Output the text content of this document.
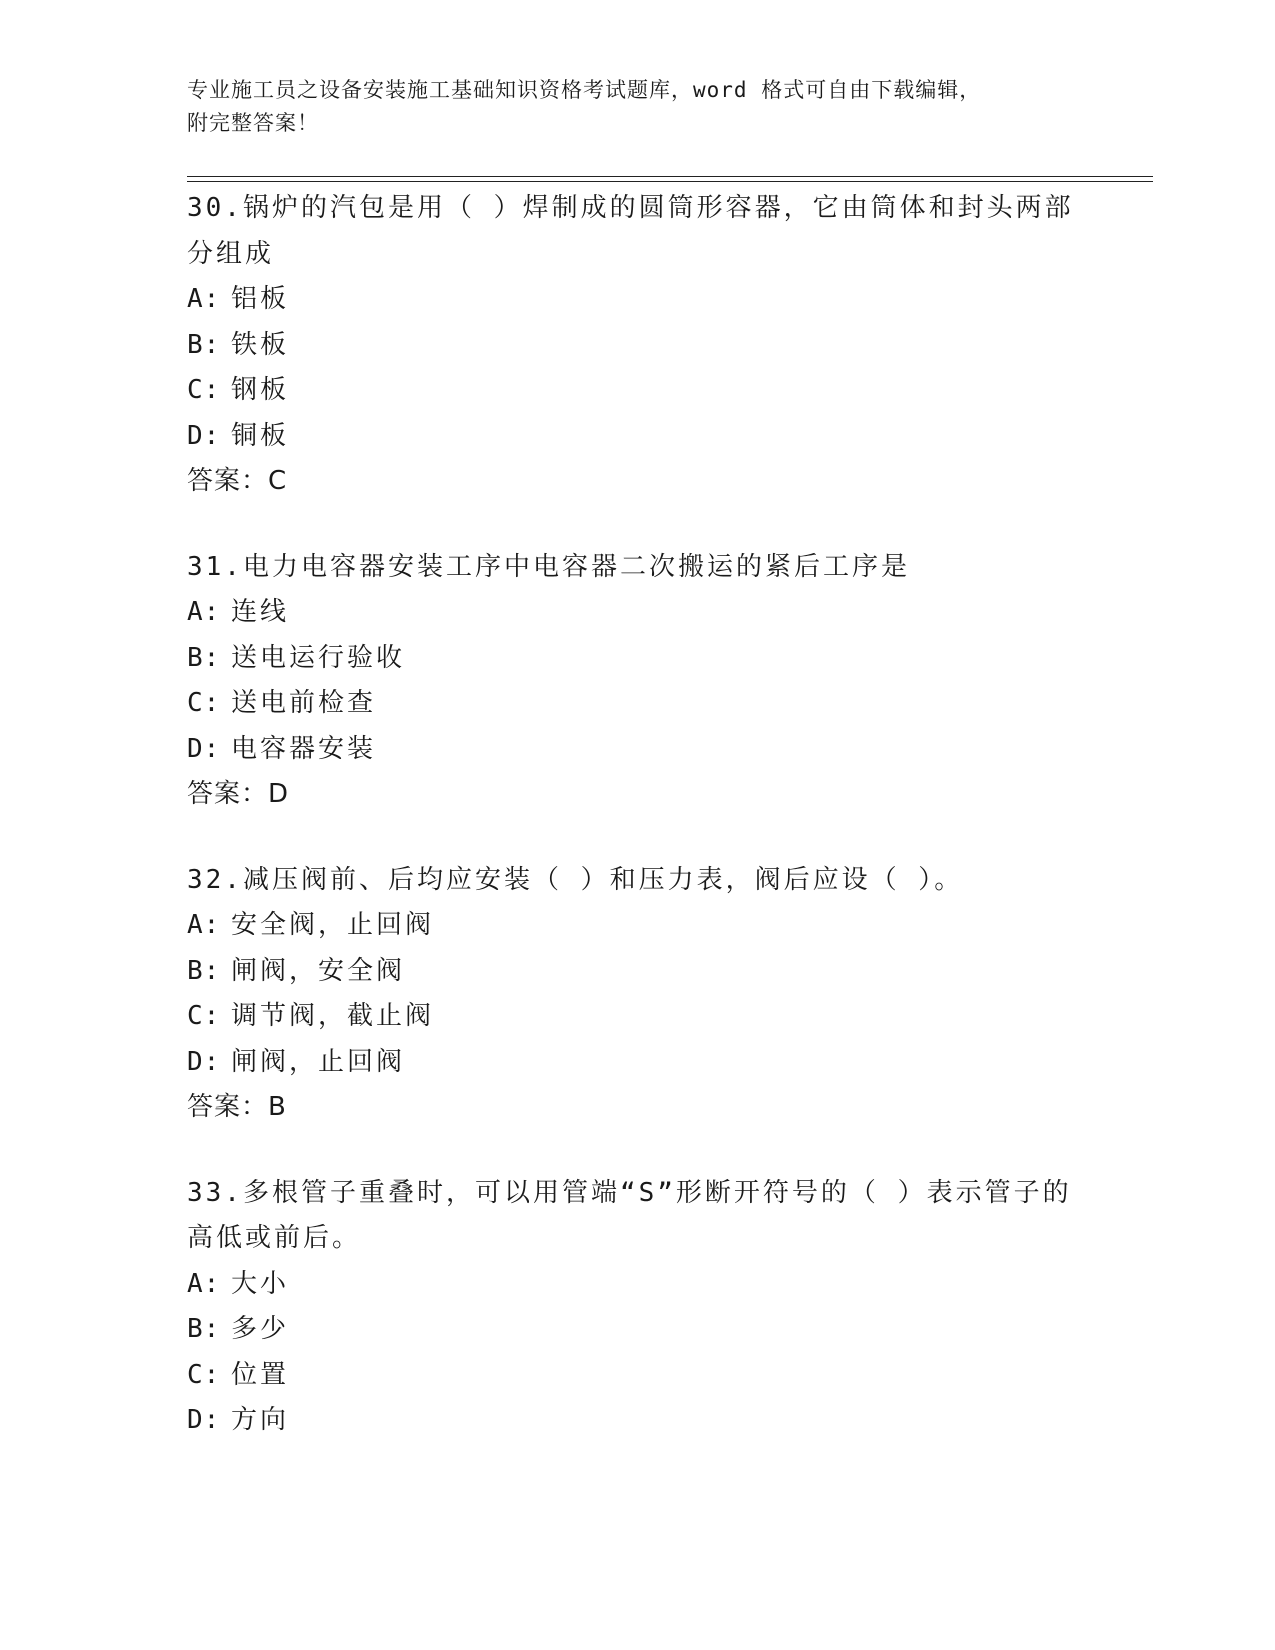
专业施工员之设备安装施工基础知识资格考试题库，word 格式可自由下载编辑，
附完整答案！
30.锅炉的汽包是用（ ）焊制成的圆筒形容器，它由筒体和封头两部
分组成
A: 铝板
B: 铁板
C: 钢板
D: 铜板
答案：C
31.电力电容器安装工序中电容器二次搬运的紧后工序是
A: 连线
B: 送电运行验收
C: 送电前检查
D: 电容器安装
答案：D
32.减压阀前、后均应安装（ ）和压力表，阀后应设（ ）。
A: 安全阀，止回阀
B: 闸阀，安全阀
C: 调节阀，截止阀
D: 闸阀，止回阀
答案：B
33.多根管子重叠时，可以用管端“S”形断开符号的（ ）表示管子的
高低或前后。
A: 大小
B: 多少
C: 位置
D: 方向
